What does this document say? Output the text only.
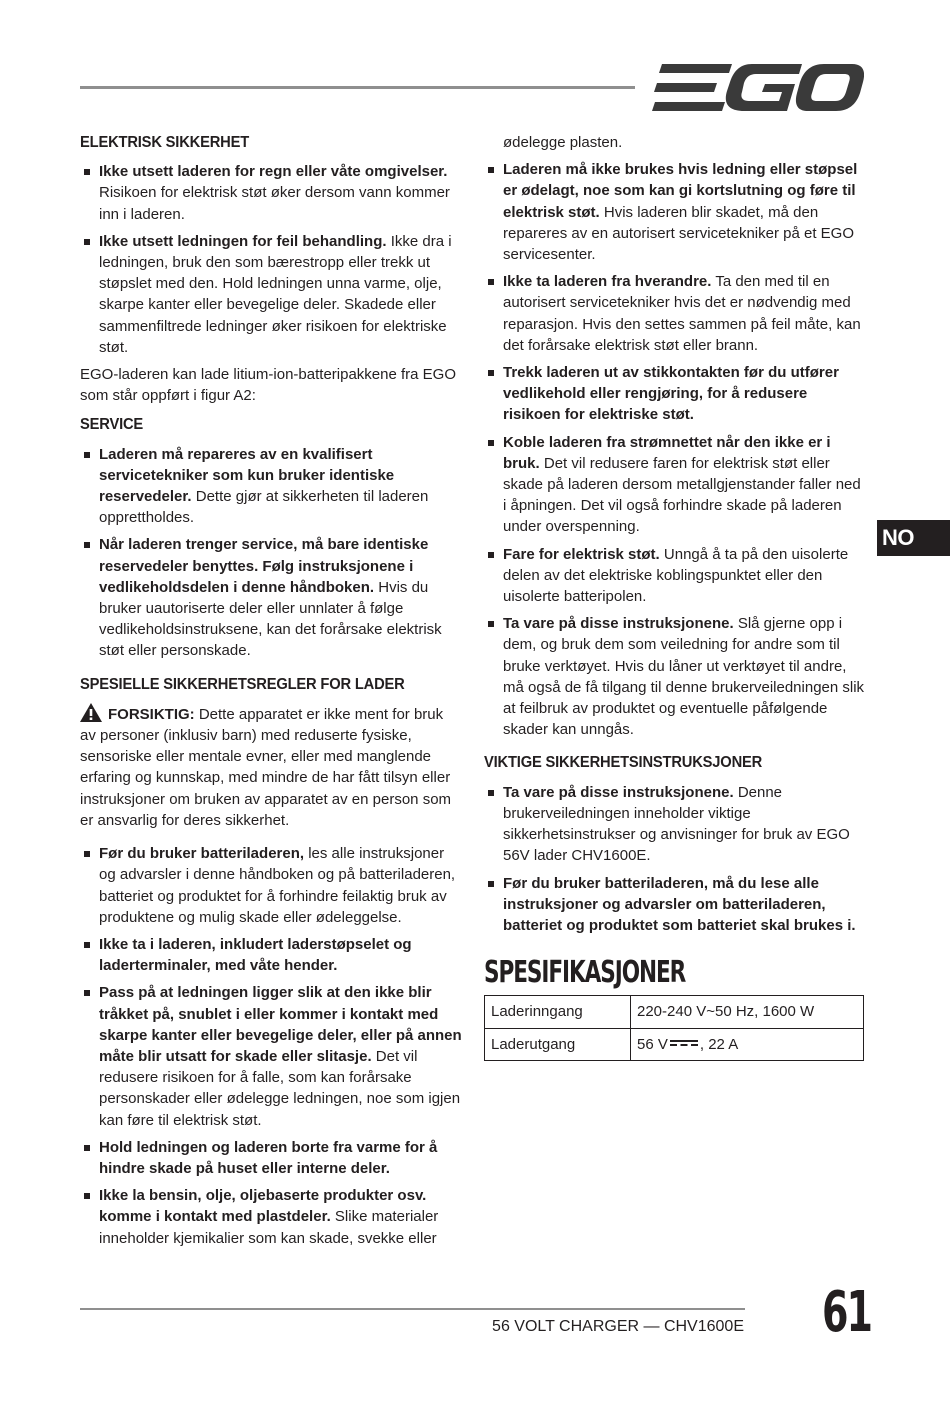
NO
ELEKTRISK SIKKERHET
Ikke utsett laderen for regn eller våte omgivelser. Risikoen for elektrisk støt øker dersom vann kommer inn i laderen.
Ikke utsett ledningen for feil behandling. Ikke dra i ledningen, bruk den som bærestropp eller trekk ut støpslet med den. Hold ledningen unna varme, olje, skarpe kanter eller bevegelige deler. Skadede eller sammenfiltrede ledninger øker risikoen for elektriske støt.
EGO-laderen kan lade litium-ion-batteripakkene fra EGO som står oppført i figur A2:
SERVICE
Laderen må repareres av en kvalifisert servicetekniker som kun bruker identiske reservedeler. Dette gjør at sikkerheten til laderen opprettholdes.
Når laderen trenger service, må bare identiske reservedeler benyttes. Følg instruksjonene i vedlikeholdsdelen i denne håndboken. Hvis du bruker uautoriserte deler eller unnlater å følge vedlikeholdsinstruksene, kan det forårsake elektrisk støt eller personskade.
SPESIELLE SIKKERHETSREGLER FOR LADER
FORSIKTIG: Dette apparatet er ikke ment for bruk av personer (inklusiv barn) med reduserte fysiske, sensoriske eller mentale evner, eller med manglende erfaring og kunnskap, med mindre de har fått tilsyn eller instruksjoner om bruken av apparatet av en person som er ansvarlig for deres sikkerhet.
Før du bruker batteriladeren, les alle instruksjoner og advarsler i denne håndboken og på batteriladeren, batteriet og produktet for å forhindre feilaktig bruk av produktene og mulig skade eller ødeleggelse.
Ikke ta i laderen, inkludert laderstøpselet og laderterminaler, med våte hender.
Pass på at ledningen ligger slik at den ikke blir tråkket på, snublet i eller kommer i kontakt med skarpe kanter eller bevegelige deler, eller på annen måte blir utsatt for skade eller slitasje. Det vil redusere risikoen for å falle, som kan forårsake personskader eller ødelegge ledningen, noe som igjen kan føre til elektrisk støt.
Hold ledningen og laderen borte fra varme for å hindre skade på huset eller interne deler.
Ikke la bensin, olje, oljebaserte produkter osv. komme i kontakt med plastdeler. Slike materialer inneholder kjemikalier som kan skade, svekke eller
ødelegge plasten.
Laderen må ikke brukes hvis ledning eller støpsel er ødelagt, noe som kan gi kortslutning og føre til elektrisk støt. Hvis laderen blir skadet, må den repareres av en autorisert servicetekniker på et EGO servicesenter.
Ikke ta laderen fra hverandre. Ta den med til en autorisert servicetekniker hvis det er nødvendig med reparasjon. Hvis den settes sammen på feil måte, kan det forårsake elektrisk støt eller brann.
Trekk laderen ut av stikkontakten før du utfører vedlikehold eller rengjøring, for å redusere risikoen for elektriske støt.
Koble laderen fra strømnettet når den ikke er i bruk. Det vil redusere faren for elektrisk støt eller skade på laderen dersom metallgjenstander faller ned i åpningen. Det vil også forhindre skade på laderen under overspenning.
Fare for elektrisk støt. Unngå å ta på den uisolerte delen av det elektriske koblingspunktet eller den uisolerte batteripolen.
Ta vare på disse instruksjonene. Slå gjerne opp i dem, og bruk dem som veiledning for andre som til bruke verktøyet. Hvis du låner ut verktøyet til andre, må også de få tilgang til denne brukerveiledningen slik at feilbruk av produktet og eventuelle påfølgende skader kan unngås.
VIKTIGE SIKKERHETSINSTRUKSJONER
Ta vare på disse instruksjonene. Denne brukerveiledningen inneholder viktige sikkerhetsinstrukser og anvisninger for bruk av EGO 56V lader CHV1600E.
Før du bruker batteriladeren, må du lese alle instruksjoner og advarsler om batteriladeren, batteriet og produktet som batteriet skal brukes i.
SPESIFIKASJONER
Laderinngang	220-240 V~50 Hz, 1600 W
Laderutgang	56 V , 22 A
56 VOLT CHARGER — CHV1600E 61
